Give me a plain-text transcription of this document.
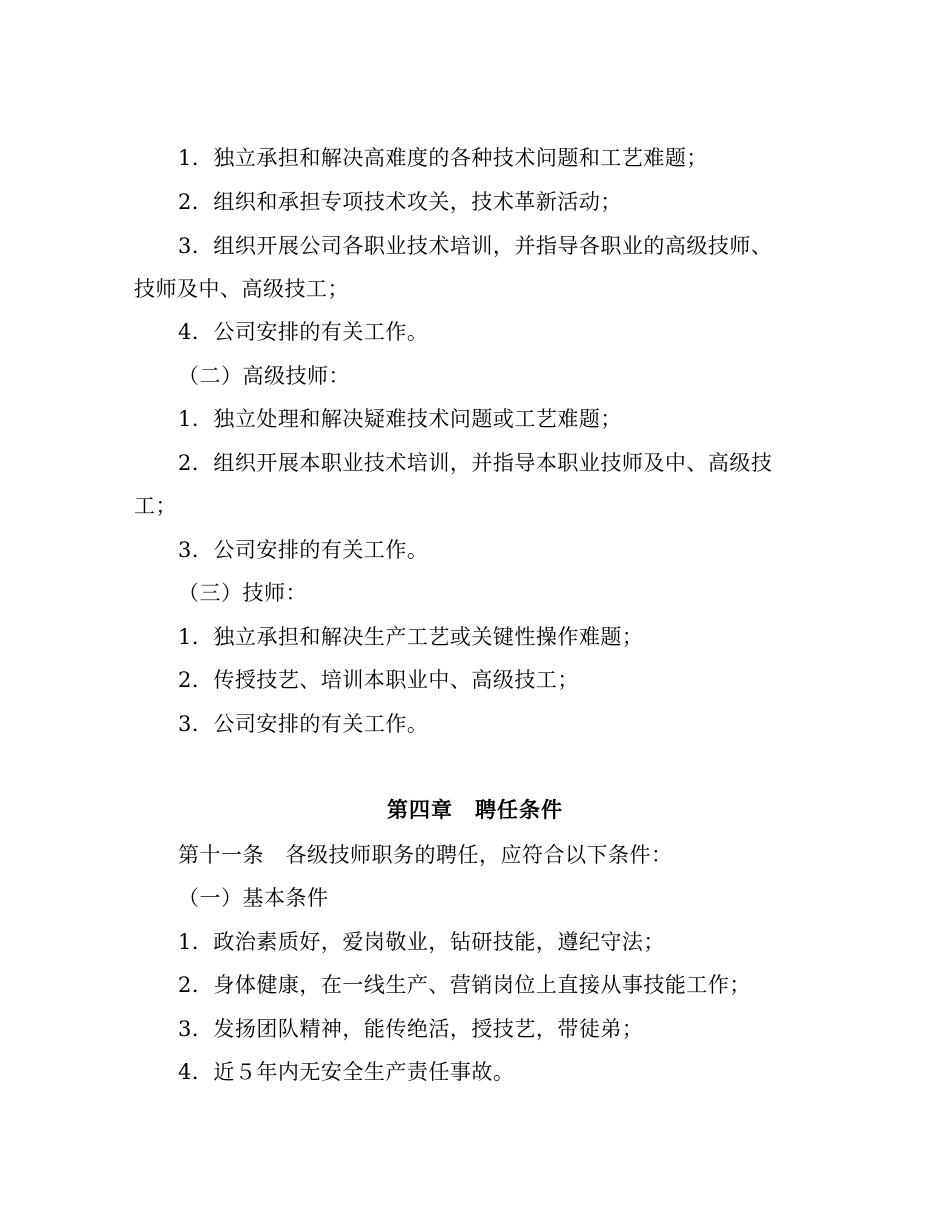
1．独立承担和解决高难度的各种技术问题和工艺难题；
2．组织和承担专项技术攻关，技术革新活动；
3．组织开展公司各职业技术培训，并指导各职业的高级技师、
技师及中、高级技工；
4．公司安排的有关工作。
（二）高级技师：
1．独立处理和解决疑难技术问题或工艺难题；
2．组织开展本职业技术培训，并指导本职业技师及中、高级技
工；
3．公司安排的有关工作。
（三）技师：
1．独立承担和解决生产工艺或关键性操作难题；
2．传授技艺、培训本职业中、高级技工；
3．公司安排的有关工作。
第四章　聘任条件
第十一条　各级技师职务的聘任，应符合以下条件：
（一）基本条件
1．政治素质好，爱岗敬业，钻研技能，遵纪守法；
2．身体健康，在一线生产、营销岗位上直接从事技能工作；
3．发扬团队精神，能传绝活，授技艺，带徒弟；
4．近５年内无安全生产责任事故。
